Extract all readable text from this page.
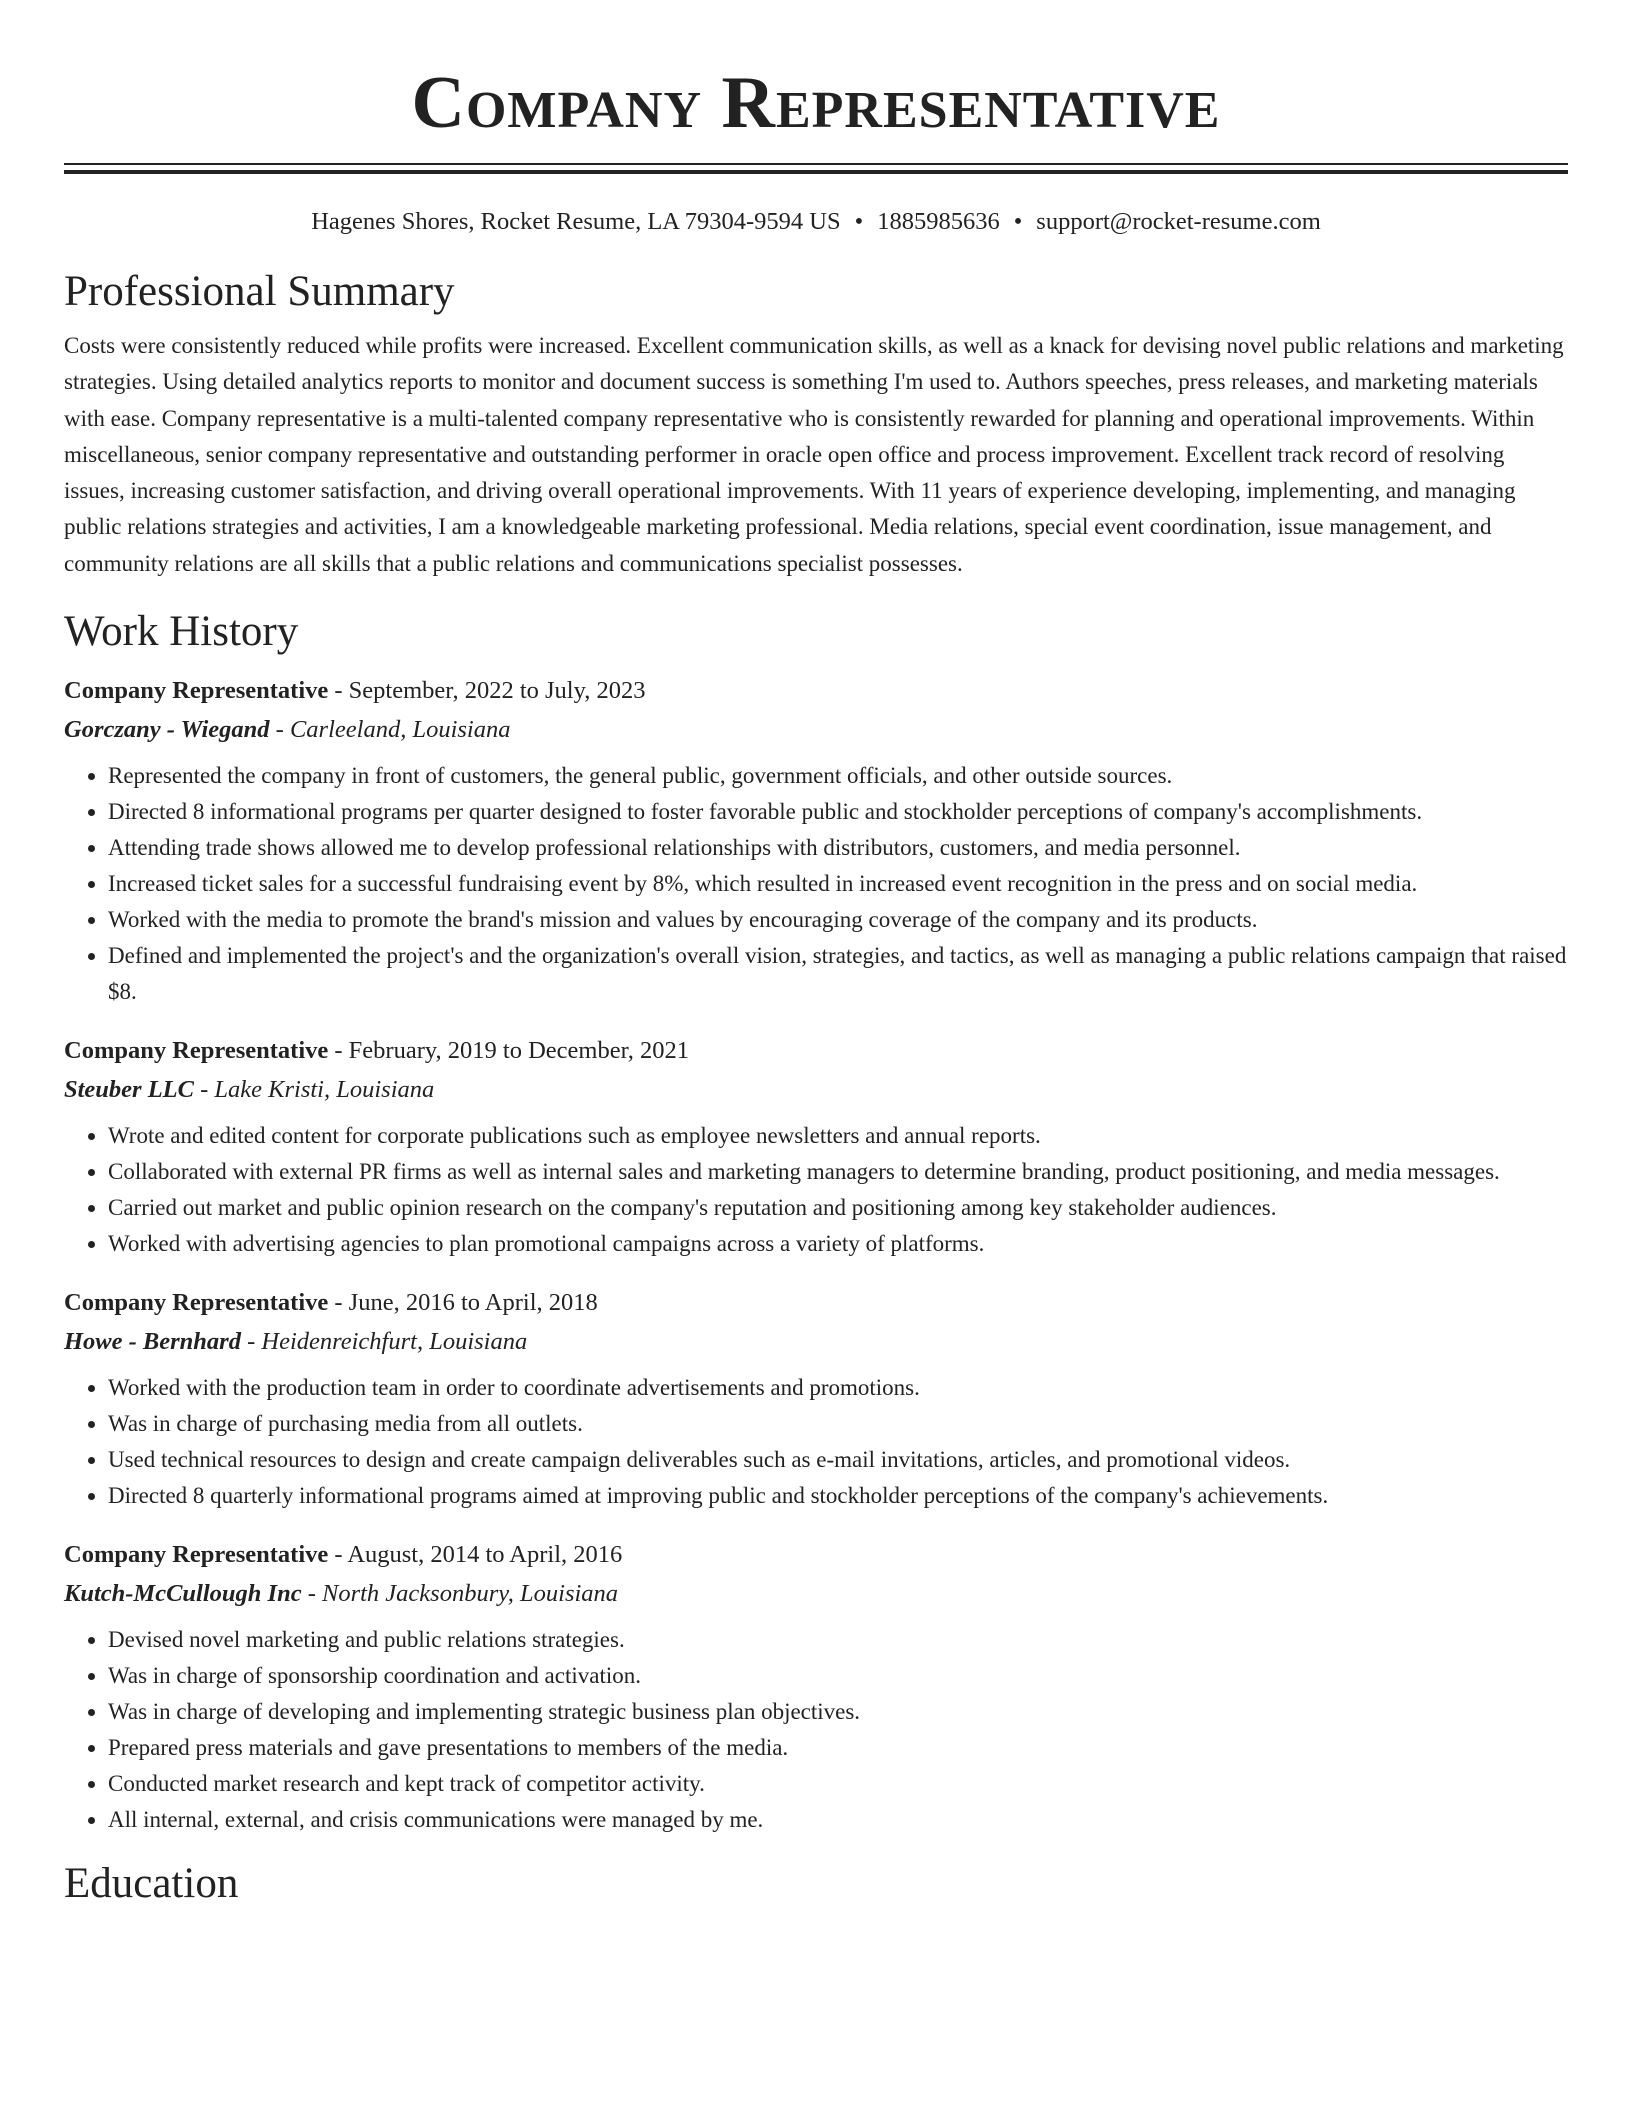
Company Representative
Hagenes Shores, Rocket Resume, LA 79304-9594 US • 1885985636 • support@rocket-resume.com
Professional Summary
Costs were consistently reduced while profits were increased. Excellent communication skills, as well as a knack for devising novel public relations and marketing strategies. Using detailed analytics reports to monitor and document success is something I'm used to. Authors speeches, press releases, and marketing materials with ease. Company representative is a multi-talented company representative who is consistently rewarded for planning and operational improvements. Within miscellaneous, senior company representative and outstanding performer in oracle open office and process improvement. Excellent track record of resolving issues, increasing customer satisfaction, and driving overall operational improvements. With 11 years of experience developing, implementing, and managing public relations strategies and activities, I am a knowledgeable marketing professional. Media relations, special event coordination, issue management, and community relations are all skills that a public relations and communications specialist possesses.
Work History
Company Representative - September, 2022 to July, 2023
Gorczany - Wiegand - Carleeland, Louisiana
• Represented the company in front of customers, the general public, government officials, and other outside sources.
• Directed 8 informational programs per quarter designed to foster favorable public and stockholder perceptions of company's accomplishments.
• Attending trade shows allowed me to develop professional relationships with distributors, customers, and media personnel.
• Increased ticket sales for a successful fundraising event by 8%, which resulted in increased event recognition in the press and on social media.
• Worked with the media to promote the brand's mission and values by encouraging coverage of the company and its products.
• Defined and implemented the project's and the organization's overall vision, strategies, and tactics, as well as managing a public relations campaign that raised $8.
Company Representative - February, 2019 to December, 2021
Steuber LLC - Lake Kristi, Louisiana
• Wrote and edited content for corporate publications such as employee newsletters and annual reports.
• Collaborated with external PR firms as well as internal sales and marketing managers to determine branding, product positioning, and media messages.
• Carried out market and public opinion research on the company's reputation and positioning among key stakeholder audiences.
• Worked with advertising agencies to plan promotional campaigns across a variety of platforms.
Company Representative - June, 2016 to April, 2018
Howe - Bernhard - Heidenreichfurt, Louisiana
• Worked with the production team in order to coordinate advertisements and promotions.
• Was in charge of purchasing media from all outlets.
• Used technical resources to design and create campaign deliverables such as e-mail invitations, articles, and promotional videos.
• Directed 8 quarterly informational programs aimed at improving public and stockholder perceptions of the company's achievements.
Company Representative - August, 2014 to April, 2016
Kutch-McCullough Inc - North Jacksonbury, Louisiana
• Devised novel marketing and public relations strategies.
• Was in charge of sponsorship coordination and activation.
• Was in charge of developing and implementing strategic business plan objectives.
• Prepared press materials and gave presentations to members of the media.
• Conducted market research and kept track of competitor activity.
• All internal, external, and crisis communications were managed by me.
Education
